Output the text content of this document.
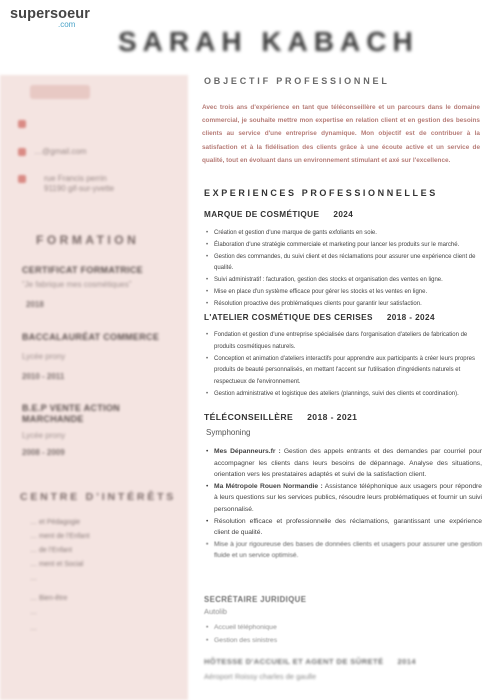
supersoeur
.com
SARAH KABACH
…@gmail.com
rue Francis perrin
91190 gif-sur-yvette
FORMATION
CERTIFICAT FORMATRICE
“Je fabrique mes cosmétiques”
2018
BACCALAURÉAT COMMERCE
Lycée prony
2010 - 2011
B.E.P VENTE ACTION MARCHANDE
Lycée prony
2008 - 2009
CENTRE D’INTÉRÊTS
… et Pédagogie
… ment de l’Enfant
… de l’Enfant
… ment et Social
…
… Bien-être
…
…
OBJECTIF PROFESSIONNEL
Avec trois ans d'expérience en tant que téléconseillère et un parcours dans le domaine commercial, je souhaite mettre mon expertise en relation client et en gestion des besoins clients au service d'une entreprise dynamique. Mon objectif est de contribuer à la satisfaction et à la fidélisation des clients grâce à une écoute active et un service de qualité, tout en évoluant dans un environnement stimulant et axé sur l'excellence.
EXPERIENCES PROFESSIONNELLES
MARQUE DE COSMÉTIQUE 2024
• Création et gestion d'une marque de gants exfoliants en soie.
• Élaboration d'une stratégie commerciale et marketing pour lancer les produits sur le marché.
• Gestion des commandes, du suivi client et des réclamations pour assurer une expérience client de qualité.
• Suivi administratif : facturation, gestion des stocks et organisation des ventes en ligne.
• Mise en place d'un système efficace pour gérer les stocks et les ventes en ligne.
• Résolution proactive des problématiques clients pour garantir leur satisfaction.
L'ATELIER COSMÉTIQUE DES CERISES 2018 - 2024
• Fondation et gestion d'une entreprise spécialisée dans l'organisation d'ateliers de fabrication de produits cosmétiques naturels.
• Conception et animation d'ateliers interactifs pour apprendre aux participants à créer leurs propres produits de beauté personnalisés, en mettant l'accent sur l'utilisation d'ingrédients naturels et respectueux de l'environnement.
• Gestion administrative et logistique des ateliers (plannings, suivi des clients et coordination).
TÉLÉCONSEILLÈRE 2018 - 2021
Symphoning
• Mes Dépanneurs.fr : Gestion des appels entrants et des demandes par courriel pour accompagner les clients dans leurs besoins de dépannage. Analyse des situations, orientation vers les prestataires adaptés et suivi de la satisfaction client.
• Ma Métropole Rouen Normandie : Assistance téléphonique aux usagers pour répondre à leurs questions sur les services publics, résoudre leurs problématiques et fournir un suivi personnalisé.
• Résolution efficace et professionnelle des réclamations, garantissant une expérience client de qualité.
• Mise à jour rigoureuse des bases de données clients et usagers pour assurer une gestion fluide et un service optimisé.
SECRÉTAIRE JURIDIQUE
Autolib
• Accueil téléphonique
• Gestion des sinistres
HÔTESSE D'ACCUEIL ET AGENT DE SÛRETÉ 2014
Aéroport Roissy charles de gaulle
